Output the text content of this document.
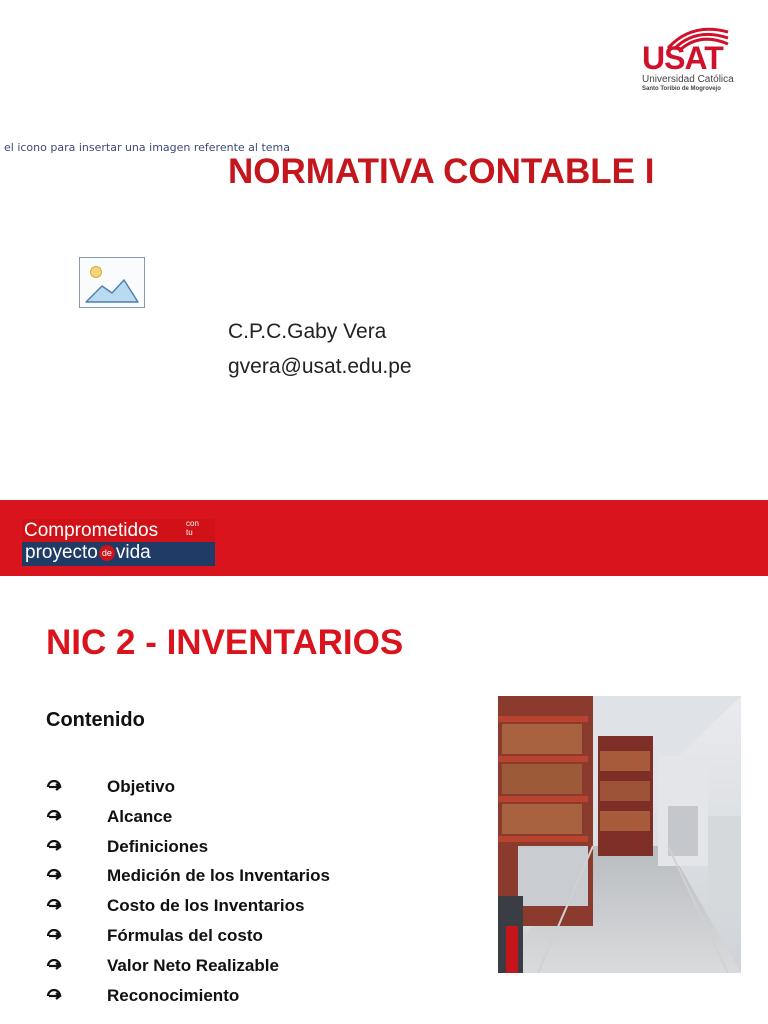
USAT
Universidad Católica
Santo Toribio de Mogrovejo
el icono para insertar una imagen referente al tema
NORMATIVA CONTABLE I
C.P.C.Gaby Vera
gvera@usat.edu.pe
Comprometidos	con
tu
proyecto de vida
NIC 2 - INVENTARIOS
Contenido
Objetivo
Alcance
Definiciones
Medición de los Inventarios
Costo de los Inventarios
Fórmulas del costo
Valor Neto Realizable
Reconocimiento
